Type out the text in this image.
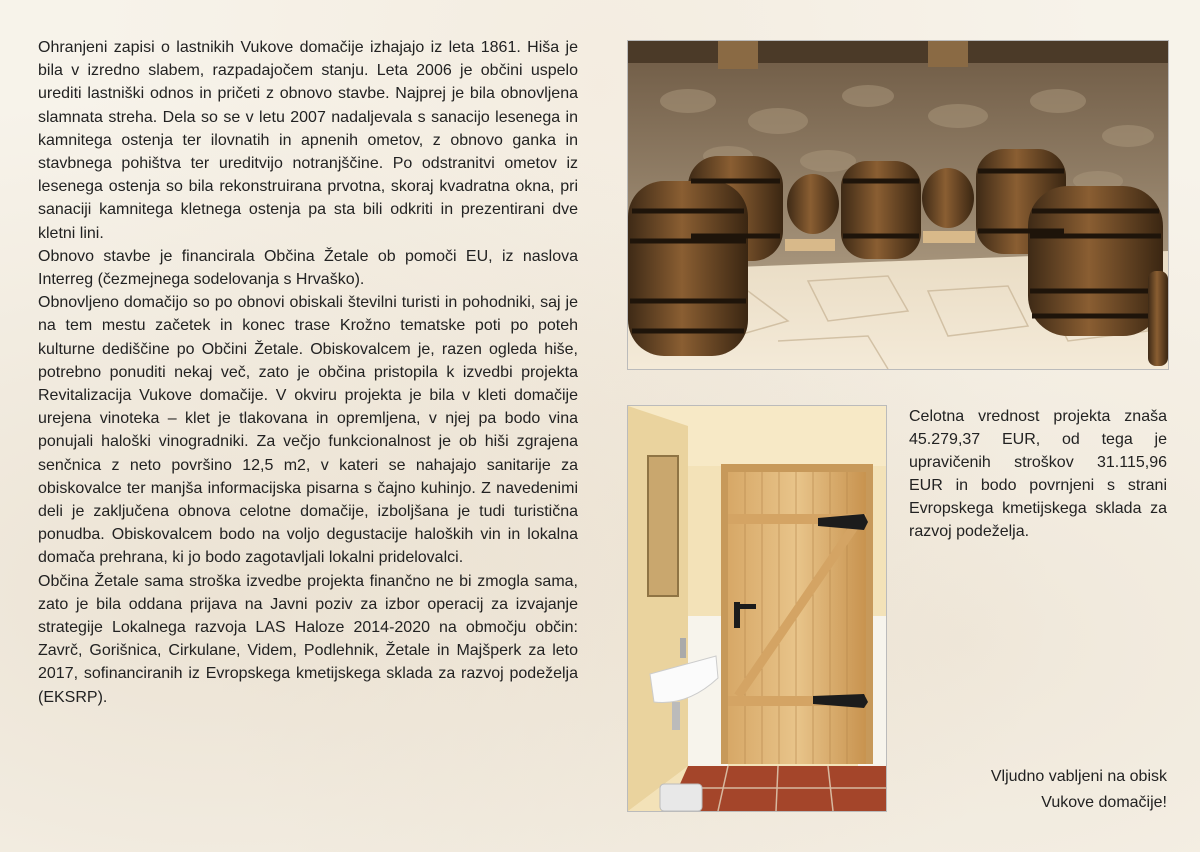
Ohranjeni zapisi o lastnikih Vukove domačije izhajajo iz leta 1861. Hiša je bila v izredno slabem, razpadajočem stanju. Leta 2006 je občini uspelo urediti lastniški odnos in pričeti z obnovo stavbe. Najprej je bila obnovljena slamnata streha. Dela so se v letu 2007 nadaljevala s sanacijo lesenega in kamnitega ostenja ter ilovnatih in apnenih ometov, z obnovo ganka in stavbnega pohištva ter ureditvijo notranjščine. Po odstranitvi ometov iz lesenega ostenja so bila rekonstruirana prvotna, skoraj kvadratna okna, pri sanaciji kamnitega kletnega ostenja pa sta bili odkriti in prezentirani dve kletni lini.

Obnovo stavbe je financirala Občina Žetale ob pomoči EU, iz naslova Interreg (čezmejnega sodelovanja s Hrvaško).

Obnovljeno domačijo so po obnovi obiskali številni turisti in pohodniki, saj je na tem mestu začetek in konec trase Krožno tematske poti po poteh kulturne dediščine po Občini Žetale. Obiskovalcem je, razen ogleda hiše, potrebno ponuditi nekaj več, zato je občina pristopila k izvedbi projekta Revitalizacija Vukove domačije. V okviru projekta je bila v kleti domačije urejena vinoteka – klet je tlakovana in opremljena, v njej pa bodo vina ponujali haloški vinogradniki. Za večjo funkcionalnost je ob hiši zgrajena senčnica z neto površino 12,5 m2, v kateri se nahajajo sanitarije za obiskovalce ter manjša informacijska pisarna s čajno kuhinjo. Z navedenimi deli je zaključena obnova celotne domačije, izboljšana je tudi turistična ponudba. Obiskovalcem bodo na voljo degustacije haloških vin in lokalna domača prehrana, ki jo bodo zagotavljali lokalni pridelovalci.

Občina Žetale sama stroška izvedbe projekta finančno ne bi zmogla sama, zato je bila oddana prijava na Javni poziv za izbor operacij za izvajanje strategije Lokalnega razvoja LAS Haloze 2014-2020 na območju občin: Zavrč, Gorišnica, Cirkulane, Videm, Podlehnik, Žetale in Majšperk za leto 2017, sofinanciranih iz Evropskega kmetijskega sklada za razvoj podeželja (EKSRP).

Celotna vrednost projekta znaša 45.279,37 EUR, od tega je upravičenih stroškov 31.115,96 EUR in bodo povrnjeni s strani Evropskega kmetijskega sklada za razvoj podeželja.

Vljudno vabljeni na obisk
Vukove domačije!
